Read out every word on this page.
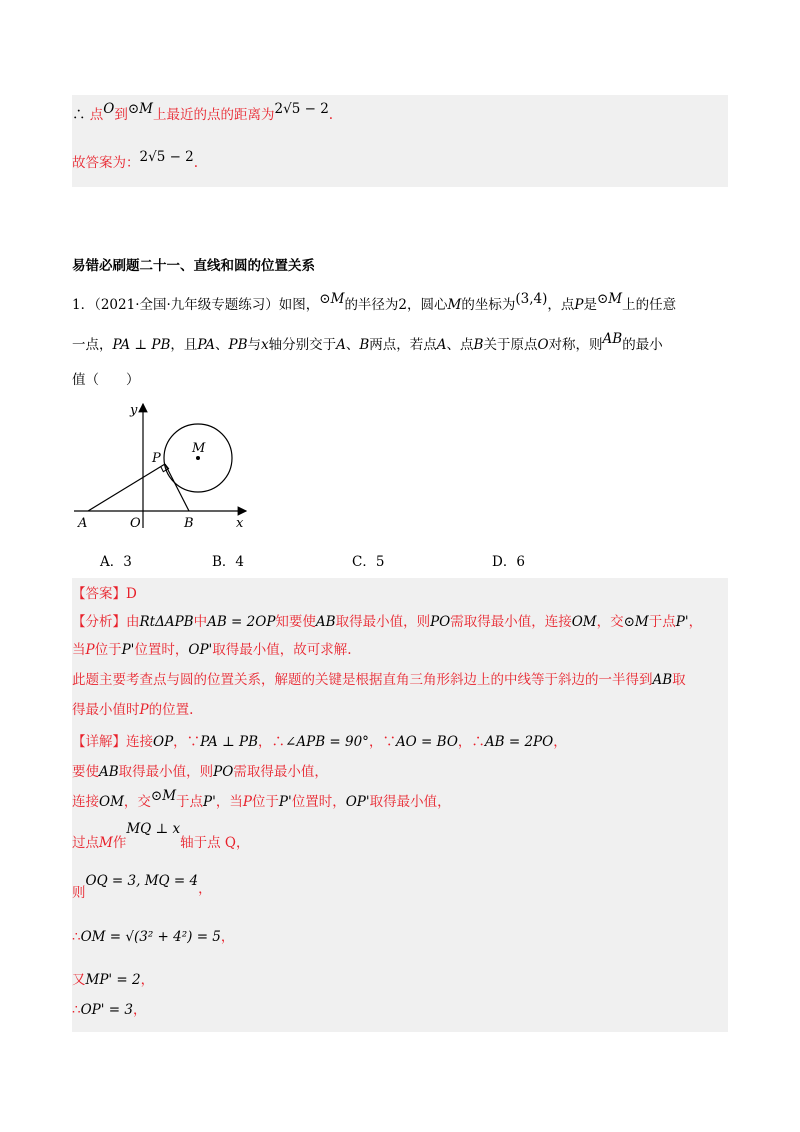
∴ 点O到⊙M上最近的点的距离为2√5 − 2.
故答案为：2√5 − 2.
易错必刷题二十一、直线和圆的位置关系
1．（2021·全国·九年级专题练习）如图，⊙M的半径为2，圆心M的坐标为(3,4)，点P是⊙M上的任意
一点，PA ⊥ PB，且PA、PB与x轴分别交于A、B两点，若点A、点B关于原点O对称，则AB的最小
值（　　）
y
x
O
A	B
P
M
A．3	B．4	C．5	D．6
【答案】D
【分析】由RtΔAPB中AB = 2OP知要使AB取得最小值，则PO需取得最小值，连接OM，交⊙M于点P'，
当P位于P'位置时，OP'取得最小值，故可求解.
此题主要考查点与圆的位置关系，解题的关键是根据直角三角形斜边上的中线等于斜边的一半得到AB取
得最小值时P的位置.
【详解】连接OP，∵PA ⊥ PB，∴∠APB = 90°，∵AO = BO，∴AB = 2PO，
要使AB取得最小值，则PO需取得最小值，
连接OM，交⊙M于点P'，当P位于P'位置时，OP'取得最小值，
过点M作MQ ⊥ x轴于点 Q，
则OQ = 3, MQ = 4，
∴OM = √(3² + 4²) = 5，
又MP' = 2，
∴OP' = 3，
